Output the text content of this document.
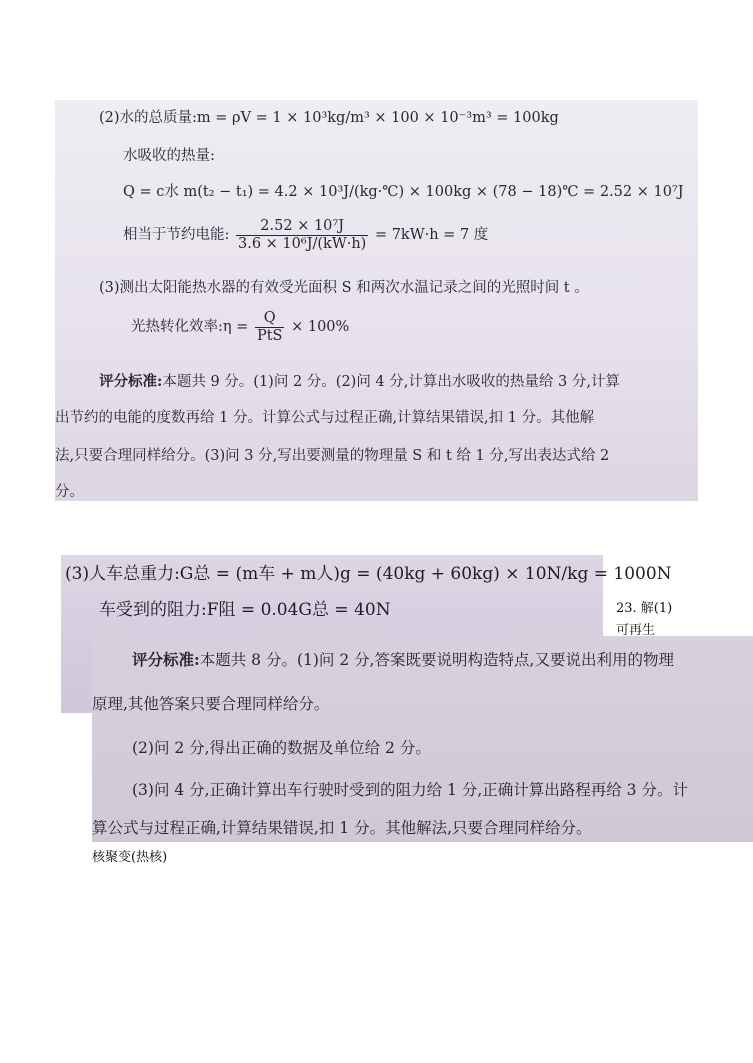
(2)水的总质量:m = ρV = 1 × 10³kg/m³ × 100 × 10⁻³m³ = 100kg
水吸收的热量:
Q = c水 m(t₂ − t₁) = 4.2 × 10³J/(kg·℃) × 100kg × (78 − 18)℃ = 2.52 × 10⁷J
相当于节约电能: $\frac{\text{2.52 × 10⁷J}}{\text{3.6 × 10⁶J/(kW·h)}} = 7kW\cdot h = 7$ 度
(3)测出太阳能热水器的有效受光面积 S 和两次水温记录之间的光照时间 t 。
光热转化效率:η = $\frac{Q}{\text{PtS}} \times 100\%$
评分标准:本题共 9 分。(1)问 2 分。(2)问 4 分,计算出水吸收的热量给 3 分,计算
出节约的电能的度数再给 1 分。计算公式与过程正确,计算结果错误,扣 1 分。其他解
法,只要合理同样给分。(3)问 3 分,写出要测量的物理量 S 和 t 给 1 分,写出表达式给 2
分。
(3)人车总重力:G总 = (m车 + m人)g = (40kg + 60kg) × 10N/kg = 1000N
车受到的阻力:F阻 = 0.04G总 = 40N
评分标准:本题共 8 分。(1)问 2 分,答案既要说明构造特点,又要说出利用的物理
原理,其他答案只要合理同样给分。
(2)问 2 分,得出正确的数据及单位给 2 分。
(3)问 4 分,正确计算出车行驶时受到的阻力给 1 分,正确计算出路程再给 3 分。计
算公式与过程正确,计算结果错误,扣 1 分。其他解法,只要合理同样给分。
23. 解(1)
可再生
核聚变(热核)
